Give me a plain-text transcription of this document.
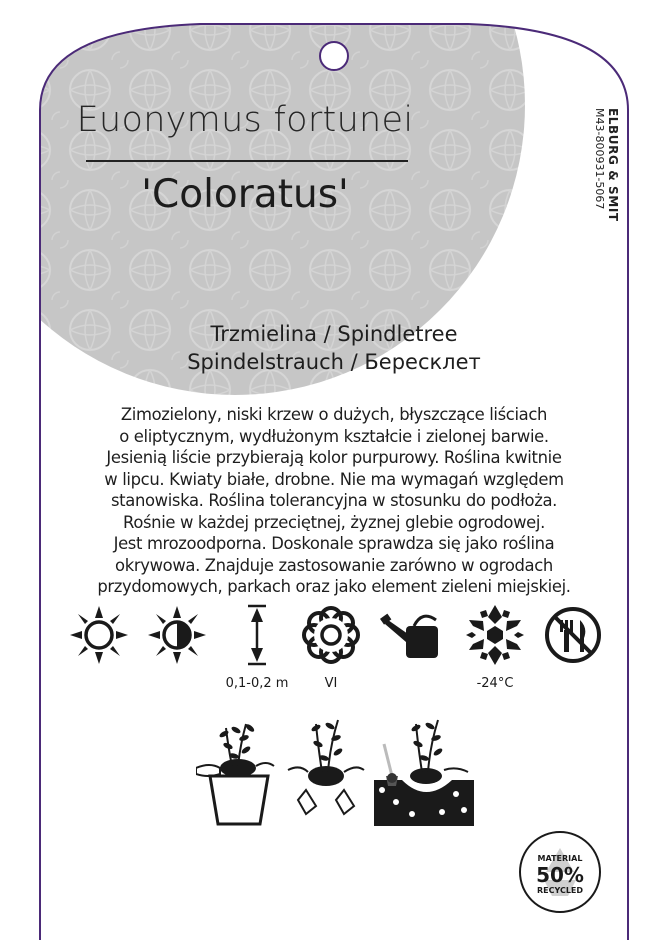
Euonymus fortunei
'Coloratus'	ELBURG & SMIT
M43-800931-5067
Trzmielina / Spindletree
Spindelstrauch / Бересклет
Zimozielony, niski krzew o dużych, błyszczące liściach
o eliptycznym, wydłużonym kształcie i zielonej barwie.
Jesienią liście przybierają kolor purpurowy. Roślina kwitnie
w lipcu. Kwiaty białe, drobne. Nie ma wymagań względem
stanowiska. Roślina tolerancyjna w stosunku do podłoża.
Rośnie w każdej przeciętnej, żyznej glebie ogrodowej.
Jest mrozoodporna. Doskonale sprawdza się jako roślina
okrywowa. Znajduje zastosowanie zarówno w ogrodach
przydomowych, parkach oraz jako element zieleni miejskiej.
0,1-0,2 m	VI	-24°C
MATERIAL
50%
RECYCLED
